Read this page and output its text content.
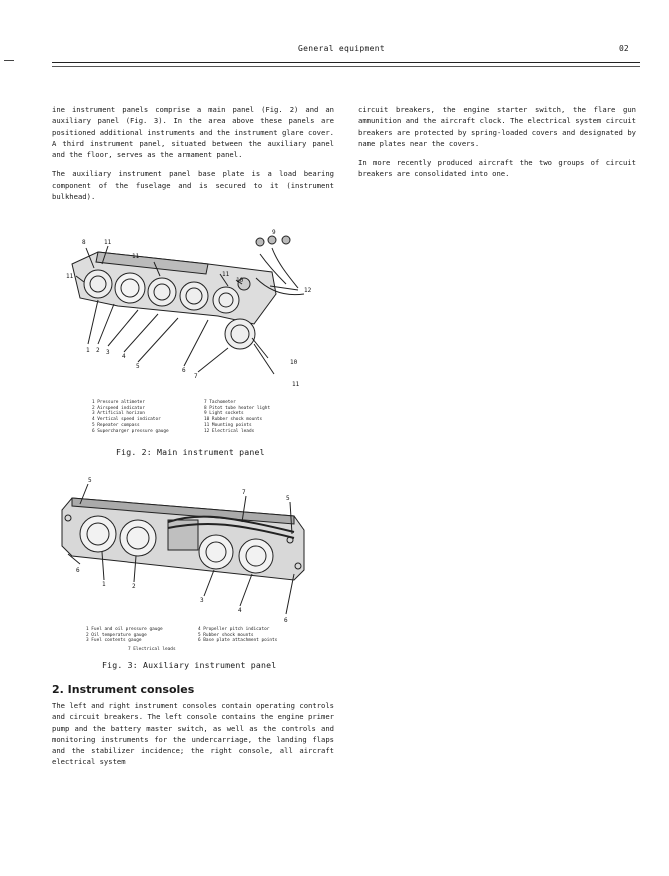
General equipment	02

ine instrument panels comprise a main panel (Fig. 2) and an auxiliary panel (Fig. 3). In the area above these panels are positioned additional instruments and the instrument glare cover. A third instrument panel, situated between the auxiliary panel and the floor, serves as the armament panel.

The auxiliary instrument panel base plate is a load bearing component of the fuselage and is secured to it (instrument bulkhead).

circuit breakers, the engine starter switch, the flare gun ammunition and the aircraft clock. The electrical system circuit breakers are protected by spring-loaded covers and designated by name plates near the covers.

In more recently produced aircraft the two groups of circuit breakers are consolidated into one.

8	11
11
11	11
9
10
12
1 2 3
4
5
6
7
10
11
1 Pressure altimeter
2 Airspeed indicator
3 Artificial horizon
4 Vertical speed indicator
5 Repeater compass
6 Supercharger pressure gauge
7 Tachometer
8 Pitot tube heater light
9 Light sockets
10 Rubber shock mounts
11 Mounting points
12 Electrical leads
Fig. 2: Main instrument panel
5
7
5
6
1	2
3
4
6
1 Fuel and oil pressure gauge
2 Oil temperature gauge
3 Fuel contents gauge
4 Propeller pitch indicator
5 Rubber shock mounts
6 Base plate attachment points
7 Electrical leads
Fig. 3: Auxiliary instrument panel
2. Instrument consoles

The left and right instrument consoles contain operating controls and circuit breakers. The left console contains the engine primer pump and the battery master switch, as well as the controls and monitoring instruments for the undercarriage, the landing flaps and the stabilizer incidence; the right console, all aircraft electrical system
